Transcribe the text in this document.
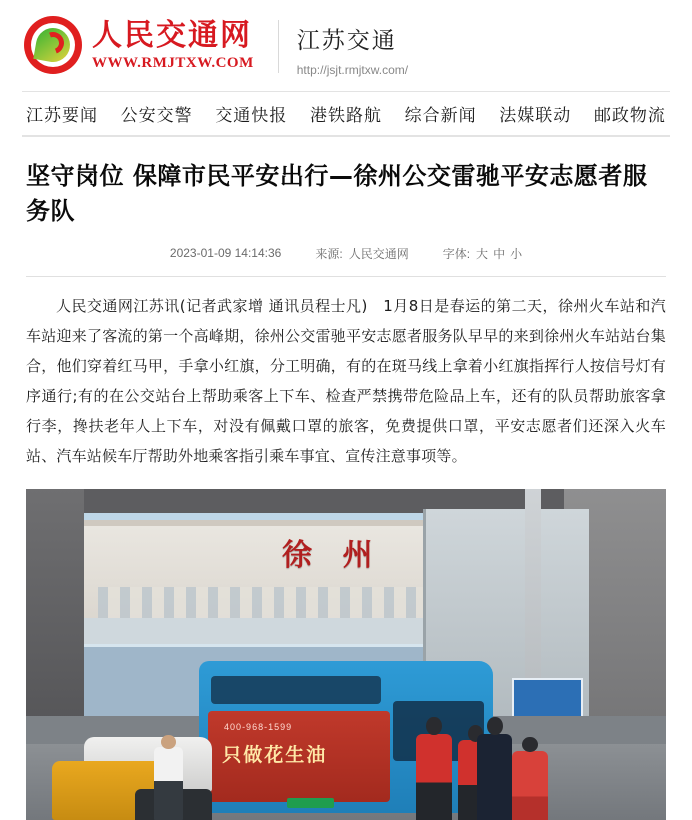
人民交通网
WWW.RMJTXW.COM
江苏交通
http://jsjt.rmjtxw.com/
江苏要闻 公安交警 交通快报 港铁路航 综合新闻 法媒联动 邮政物流
坚守岗位 保障市民平安出行—徐州公交雷驰平安志愿者服务队
2023-01-09 14:14:36	来源: 人民交通网	字体: 大 中 小

人民交通网江苏讯(记者武家增 通讯员程士凡)　1月8日是春运的第二天，徐州火车站和汽车站迎来了客流的第一个高峰期，徐州公交雷驰平安志愿者服务队早早的来到徐州火车站站台集合，他们穿着红马甲，手拿小红旗，分工明确，有的在斑马线上拿着小红旗指挥行人按信号灯有序通行;有的在公交站台上帮助乘客上下车、检查严禁携带危险品上车，还有的队员帮助旅客拿行李，搀扶老年人上下车，对没有佩戴口罩的旅客，免费提供口罩，平安志愿者们还深入火车站、汽车站候车厅帮助外地乘客指引乘车事宜、宣传注意事项等。

徐 州
400-968-1599
只做花生油
